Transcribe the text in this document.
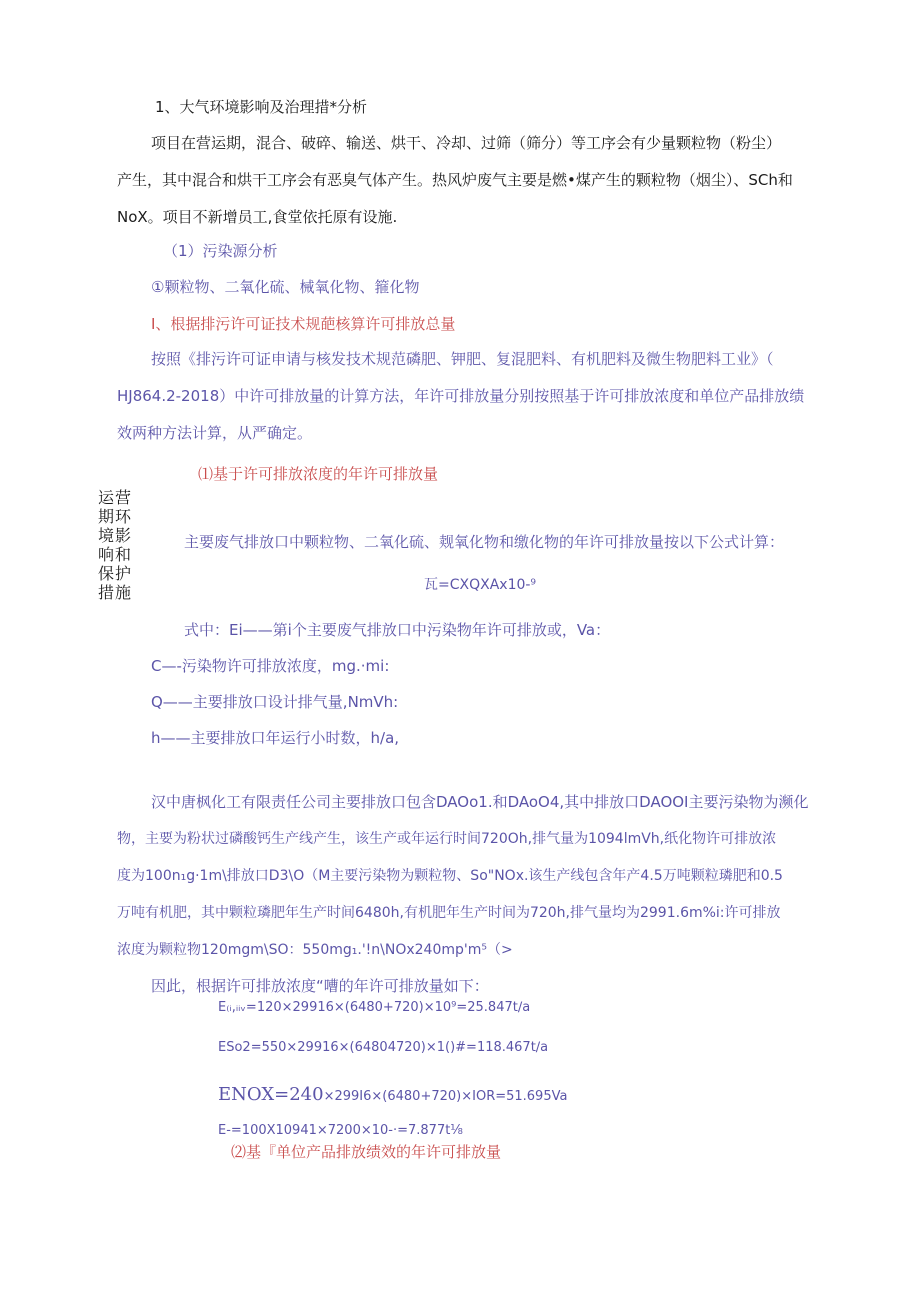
运营
期环
境影
响和
保护
措施
1、大气环境影响及治理措*分析
项目在营运期，混合、破碎、输送、烘干、冷却、过筛（筛分）等工序会有少量颗粒物（粉尘）
产生，其中混合和烘干工序会有恶臭气体产生。热风炉废气主要是燃•煤产生的颗粒物（烟尘）、SCh和
NoX。项目不新增员工,食堂依托原有设施.
（1）污染源分析
①颗粒物、二氧化硫、械氧化物、箍化物
I、根据排污许可证技术规葩核算许可排放总量
按照《排污许可证申请与核发技术规范磷肥、钾肥、复混肥料、有机肥料及微生物肥料工业》（
HJ864.2-2018）中许可排放量的计算方法，年许可排放量分别按照基于许可排放浓度和单位产品排放绩
效两种方法计算，从严确定。
⑴基于许可排放浓度的年许可排放量
主要废气排放口中颗粒物、二氧化硫、觌氧化物和缴化物的年许可排放量按以下公式计算：
瓦=CXQXAx10-⁹
式中：Ei——第i个主要废气排放口中污染物年许可排放或，Va：
C—-污染物许可排放浓度，mg.·mi:
Q——主要排放口设计排气量,NmVh:
h——主要排放口年运行小时数，h∕a,
汉中唐枫化工有限责任公司主要排放口包含DAOo1.和DAoO4,其中排放口DAOOI主要污染物为濒化
物，主要为粉状过磷酸钙生产线产生，该生产或年运行时间720Oh,排气量为1094lmVh,纸化物许可排放浓
度为100n₁g·1m\排放口D3\O（M主要污染物为颗粒物、So"NOx.该生产线包含年产4.5万吨颗粒璘肥和0.5
万吨有机肥，其中颗粒璘肥年生产时间6480h,有机肥年生产时间为720h,排气量均为2991.6m%i:许可排放
浓度为颗粒物120mgm\SO：550mg₁.'!n\NOx240mp'm⁵（>
因此，根据许可排放浓度“嘈的年许可排放量如下：
E₍ᵢ,ᵢᵢᵥ=120×29916×(6480+720)×10⁹=25.847t∕a
ESo2=550×29916×(64804720)×1()#=118.467t∕a
ENOX=240×299I6×(6480+720)×IOR=51.695Va
E-=100X10941×7200×10-·=7.877t⅛
⑵基『单位产品排放绩效的年许可排放量
